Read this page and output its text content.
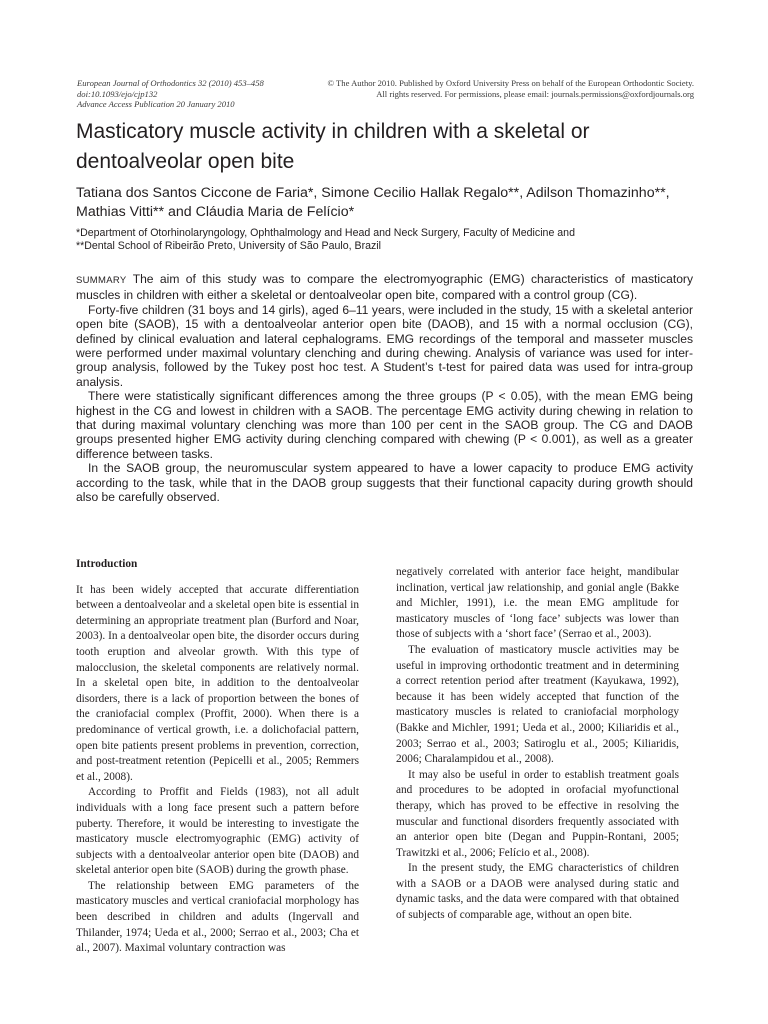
European Journal of Orthodontics 32 (2010) 453–458
doi:10.1093/ejo/cjp132
Advance Access Publication 20 January 2010
© The Author 2010. Published by Oxford University Press on behalf of the European Orthodontic Society.
All rights reserved. For permissions, please email: journals.permissions@oxfordjournals.org
Masticatory muscle activity in children with a skeletal or dentoalveolar open bite
Tatiana dos Santos Ciccone de Faria*, Simone Cecilio Hallak Regalo**, Adilson Thomazinho**, Mathias Vitti** and Cláudia Maria de Felício*
*Department of Otorhinolaryngology, Ophthalmology and Head and Neck Surgery, Faculty of Medicine and
**Dental School of Ribeirão Preto, University of São Paulo, Brazil

SUMMARY The aim of this study was to compare the electromyographic (EMG) characteristics of masticatory muscles in children with either a skeletal or dentoalveolar open bite, compared with a control group (CG).

Forty-five children (31 boys and 14 girls), aged 6–11 years, were included in the study, 15 with a skeletal anterior open bite (SAOB), 15 with a dentoalveolar anterior open bite (DAOB), and 15 with a normal occlusion (CG), defined by clinical evaluation and lateral cephalograms. EMG recordings of the temporal and masseter muscles were performed under maximal voluntary clenching and during chewing. Analysis of variance was used for inter-group analysis, followed by the Tukey post hoc test. A Student’s t-test for paired data was used for intra-group analysis.

There were statistically significant differences among the three groups (P < 0.05), with the mean EMG being highest in the CG and lowest in children with a SAOB. The percentage EMG activity during chewing in relation to that during maximal voluntary clenching was more than 100 per cent in the SAOB group. The CG and DAOB groups presented higher EMG activity during clenching compared with chewing (P < 0.001), as well as a greater difference between tasks.

In the SAOB group, the neuromuscular system appeared to have a lower capacity to produce EMG activity according to the task, while that in the DAOB group suggests that their functional capacity during growth should also be carefully observed.

Introduction

It has been widely accepted that accurate differentiation between a dentoalveolar and a skeletal open bite is essential in determining an appropriate treatment plan (Burford and Noar, 2003). In a dentoalveolar open bite, the disorder occurs during tooth eruption and alveolar growth. With this type of malocclusion, the skeletal components are relatively normal. In a skeletal open bite, in addition to the dentoalveolar disorders, there is a lack of proportion between the bones of the craniofacial complex (Proffit, 2000). When there is a predominance of vertical growth, i.e. a dolichofacial pattern, open bite patients present problems in prevention, correction, and post-treatment retention (Pepicelli et al., 2005; Remmers et al., 2008).

According to Proffit and Fields (1983), not all adult individuals with a long face present such a pattern before puberty. Therefore, it would be interesting to investigate the masticatory muscle electromyographic (EMG) activity of subjects with a dentoalveolar anterior open bite (DAOB) and skeletal anterior open bite (SAOB) during the growth phase.

The relationship between EMG parameters of the masticatory muscles and vertical craniofacial morphology has been described in children and adults (Ingervall and Thilander, 1974; Ueda et al., 2000; Serrao et al., 2003; Cha et al., 2007). Maximal voluntary contraction was

negatively correlated with anterior face height, mandibular inclination, vertical jaw relationship, and gonial angle (Bakke and Michler, 1991), i.e. the mean EMG amplitude for masticatory muscles of ‘long face’ subjects was lower than those of subjects with a ‘short face’ (Serrao et al., 2003).

The evaluation of masticatory muscle activities may be useful in improving orthodontic treatment and in determining a correct retention period after treatment (Kayukawa, 1992), because it has been widely accepted that function of the masticatory muscles is related to craniofacial morphology (Bakke and Michler, 1991; Ueda et al., 2000; Kiliaridis et al., 2003; Serrao et al., 2003; Satiroglu et al., 2005; Kiliaridis, 2006; Charalampidou et al., 2008).

It may also be useful in order to establish treatment goals and procedures to be adopted in orofacial myofunctional therapy, which has proved to be effective in resolving the muscular and functional disorders frequently associated with an anterior open bite (Degan and Puppin-Rontani, 2005; Trawitzki et al., 2006; Felício et al., 2008).

In the present study, the EMG characteristics of children with a SAOB or a DAOB were analysed during static and dynamic tasks, and the data were compared with that obtained of subjects of comparable age, without an open bite.
